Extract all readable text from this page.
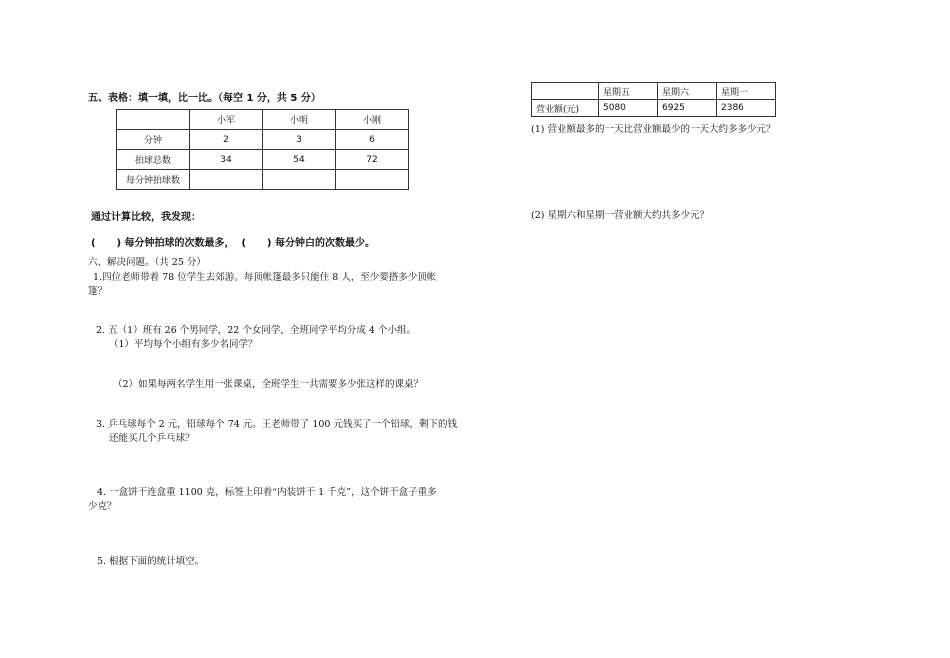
五、表格：填一填，比一比。（每空 1 分，共 5 分）
	小军	小明	小刚
分钟	2	3	6
拍球总数	34	54	72
每分钟拍球数			
通过计算比较，我发现：
(      ) 每分钟拍球的次数最多，  (      ) 每分钟白的次数最少。
六、解决问题。（共 25 分）
1.四位老师带着 78 位学生去郊游。每顶帐篷最多只能住 8 人，至少要搭多少顶帐
篷？
2. 五（1）班有 26 个男同学，22 个女同学，全班同学平均分成 4 个小组。
（1）平均每个小组有多少名同学？
（2）如果每两名学生用一张课桌，全班学生一共需要多少张这样的课桌？
3. 乒乓球每个 2 元，铅球每个 74 元。王老师带了 100 元钱买了一个铅球，剩下的钱
还能买几个乒乓球？
4. 一盒饼干连盒重 1100 克，标签上印着“内装饼干 1 千克”，这个饼干盒子重多
少克？
5. 根据下面的统计填空。
	星期五	星期六	星期一
营业额(元)	5080	6925	2386
(1) 营业额最多的一天比营业额最少的一天大约多多少元？
(2) 星期六和星期一营业额大约共多少元？
